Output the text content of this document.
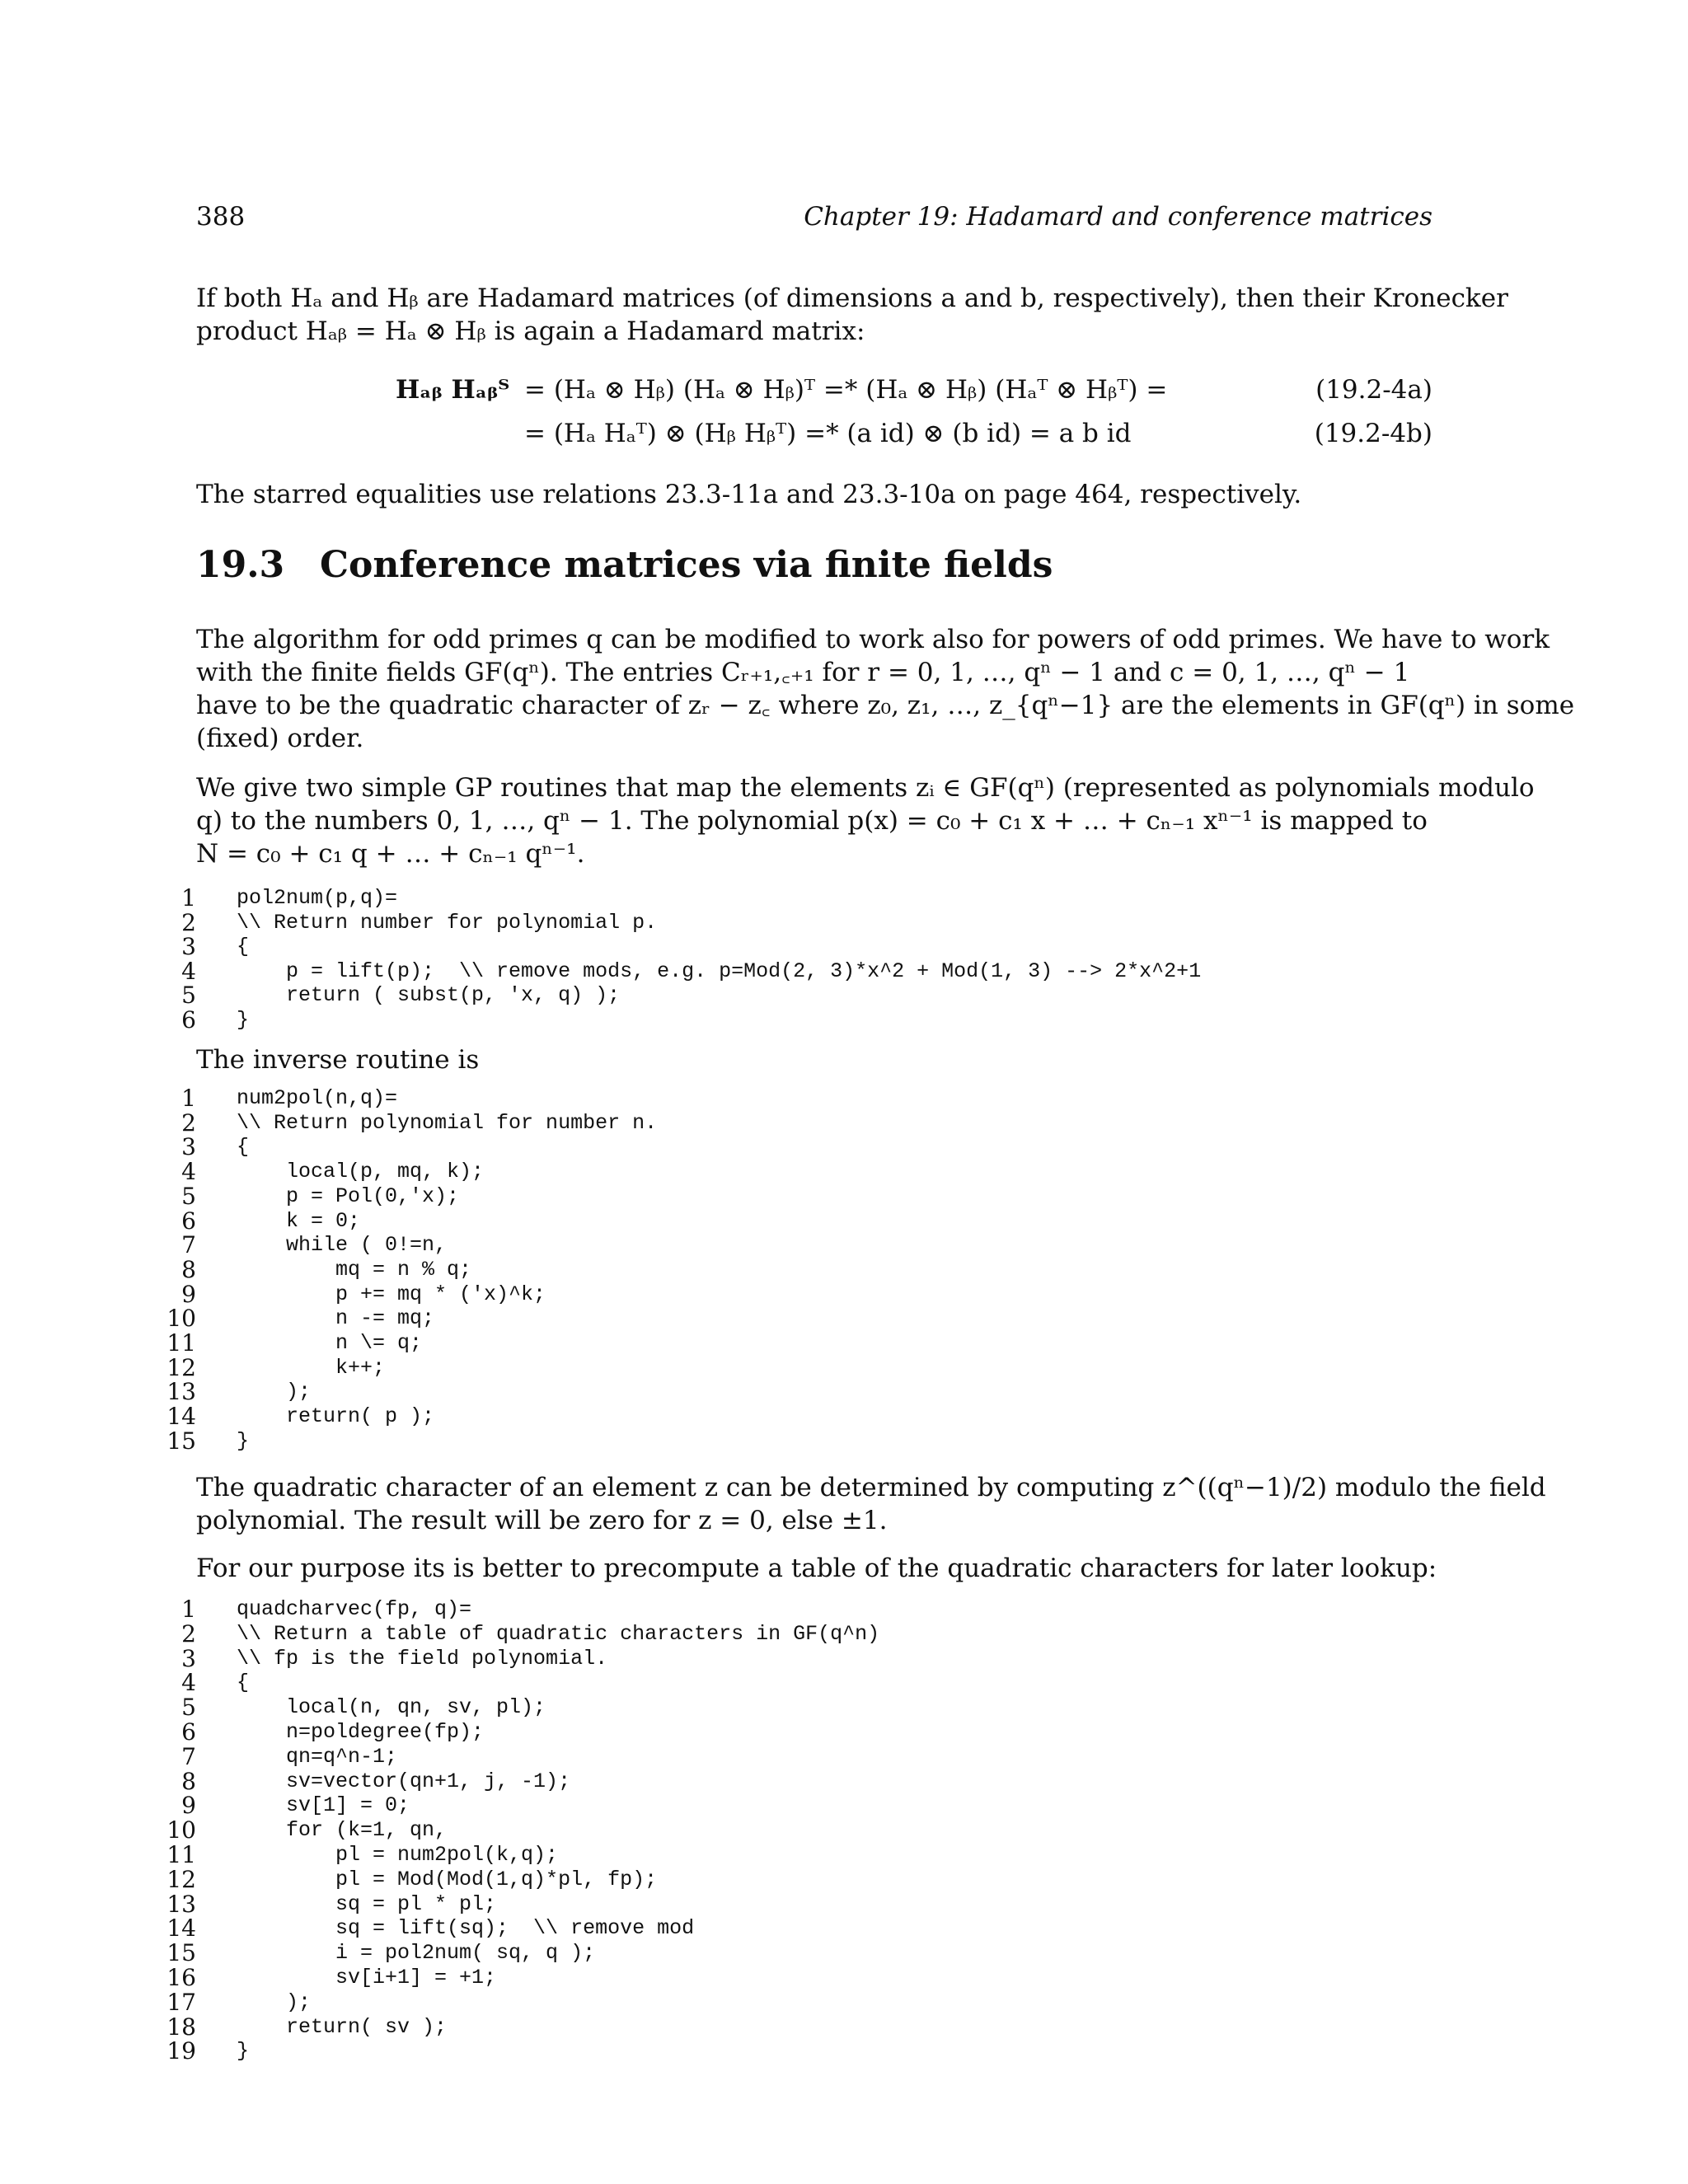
388	Chapter 19: Hadamard and conference matrices
If both Hₐ and Hᵦ are Hadamard matrices (of dimensions a and b, respectively), then their Kronecker
product Hₐᵦ = Hₐ ⊗ Hᵦ is again a Hadamard matrix:
Hₐᵦ Hₐᵦᵀ = (Hₐ ⊗ Hᵦ) (Hₐ ⊗ Hᵦ)ᵀ =* (Hₐ ⊗ Hᵦ) (Hₐᵀ ⊗ Hᵦᵀ) =	(19.2-4a)
= (Hₐ Hₐᵀ) ⊗ (Hᵦ Hᵦᵀ) =* (a id) ⊗ (b id) = a b id	(19.2-4b)
The starred equalities use relations 23.3-11a and 23.3-10a on page 464, respectively.
19.3 Conference matrices via finite fields
The algorithm for odd primes q can be modified to work also for powers of odd primes. We have to work
with the finite fields GF(qⁿ). The entries Cᵣ₊₁,꜀₊₁ for r = 0, 1, …, qⁿ − 1 and c = 0, 1, …, qⁿ − 1
have to be the quadratic character of zᵣ − z꜀ where z₀, z₁, …, z_{qⁿ−1} are the elements in GF(qⁿ) in some
(fixed) order.
We give two simple GP routines that map the elements zᵢ ∈ GF(qⁿ) (represented as polynomials modulo
q) to the numbers 0, 1, …, qⁿ − 1. The polynomial p(x) = c₀ + c₁ x + … + cₙ₋₁ xⁿ⁻¹ is mapped to
N = c₀ + c₁ q + … + cₙ₋₁ qⁿ⁻¹.
1 pol2num(p,q)=
2 \\ Return number for polynomial p.
3 {
4 p = lift(p);  \\ remove mods, e.g. p=Mod(2, 3)*x^2 + Mod(1, 3) --> 2*x^2+1
5 return ( subst(p, 'x, q) );
6 }
The inverse routine is
1 num2pol(n,q)=
2 \\ Return polynomial for number n.
3 {
4 local(p, mq, k);
5 p = Pol(0,'x);
6 k = 0;
7 while ( 0!=n,
8 mq = n % q;
9 p += mq * ('x)^k;
10 n -= mq;
11 n \= q;
12 k++;
13 );
14 return( p );
15 }
The quadratic character of an element z can be determined by computing z^((qⁿ−1)/2) modulo the field
polynomial. The result will be zero for z = 0, else ±1.
For our purpose its is better to precompute a table of the quadratic characters for later lookup:
1 quadcharvec(fp, q)=
2 \\ Return a table of quadratic characters in GF(q^n)
3 \\ fp is the field polynomial.
4 {
5 local(n, qn, sv, pl);
6 n=poldegree(fp);
7 qn=q^n-1;
8 sv=vector(qn+1, j, -1);
9 sv[1] = 0;
10 for (k=1, qn,
11 pl = num2pol(k,q);
12 pl = Mod(Mod(1,q)*pl, fp);
13 sq = pl * pl;
14 sq = lift(sq);  \\ remove mod
15 i = pol2num( sq, q );
16 sv[i+1] = +1;
17 );
18 return( sv );
19 }
